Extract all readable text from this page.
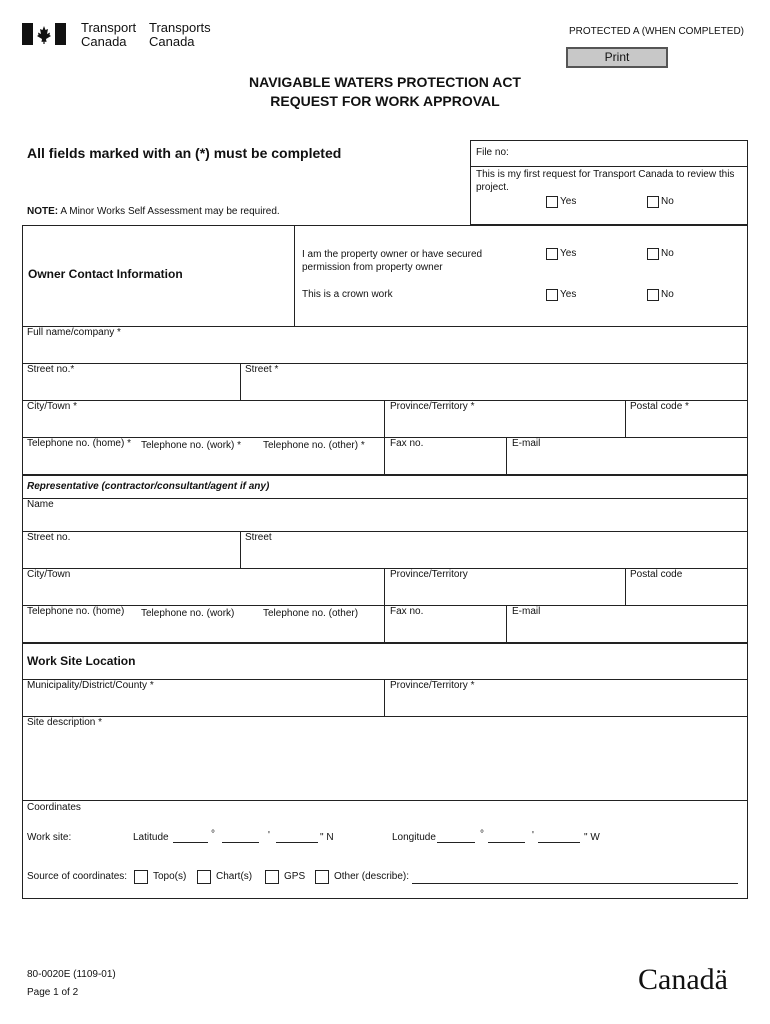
Transport
Canada
Transports
Canada
PROTECTED A (WHEN COMPLETED)
Print
NAVIGABLE WATERS PROTECTION ACT
REQUEST FOR WORK APPROVAL
All fields marked with an (*) must be completed	File no:
This is my first request for Transport Canada to review this project.
Yes	No
NOTE: A Minor Works Self Assessment may be required.
Owner Contact Information
I am the property owner or have secured permission from property owner
Yes	No
This is a crown work	Yes	No
Full name/company *
Street no.*	Street *
City/Town *	Province/Territory *	Postal code *
Telephone no. (home) * Telephone no. (work) * Telephone no. (other) *	Fax no.	E-mail
Representative (contractor/consultant/agent if any)
Name
Street no.	Street
City/Town	Province/Territory	Postal code
Telephone no. (home) Telephone no. (work)	Telephone no. (other)	Fax no.	E-mail
Work Site Location
Municipality/District/County *	Province/Territory *
Site description *
Coordinates
Work site:	Latitude	°	'	" N	Longitude	°	'	" W
Source of coordinates:	Topo(s)	Chart(s)	GPS	Other (describe):
80-0020E (1109-01)
Page 1 of 2	Canadä
